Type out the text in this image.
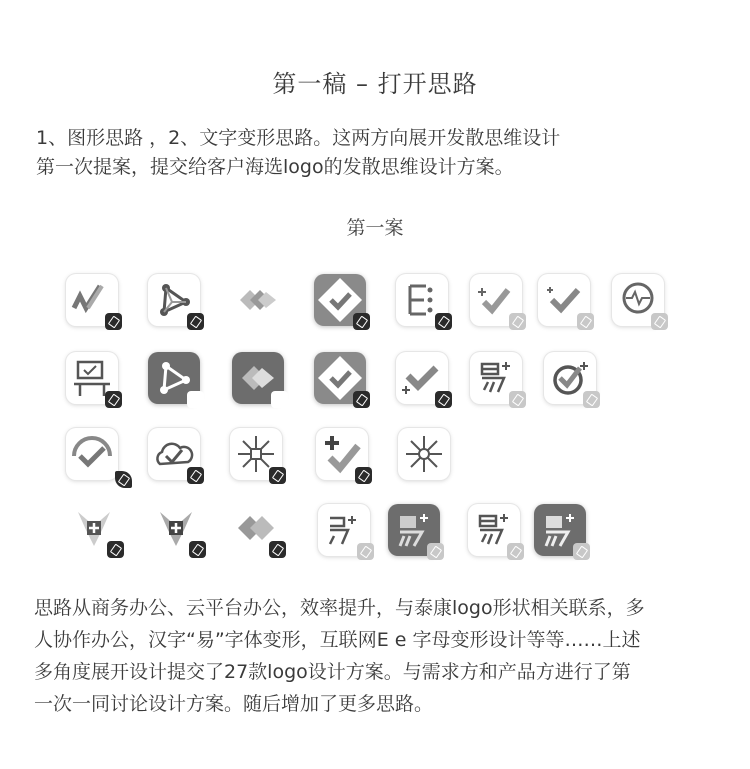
第一稿 – 打开思路
1、图形思路 ，2、文字变形思路。这两方向展开发散思维设计
第一次提案，提交给客户海选logo的发散思维设计方案。
第一案
思路从商务办公、云平台办公，效率提升，与泰康logo形状相关联系，多
人协作办公，汉字“易”字体变形，互联网E e 字母变形设计等等……上述
多角度展开设计提交了27款logo设计方案。与需求方和产品方进行了第
一次一同讨论设计方案。随后增加了更多思路。
